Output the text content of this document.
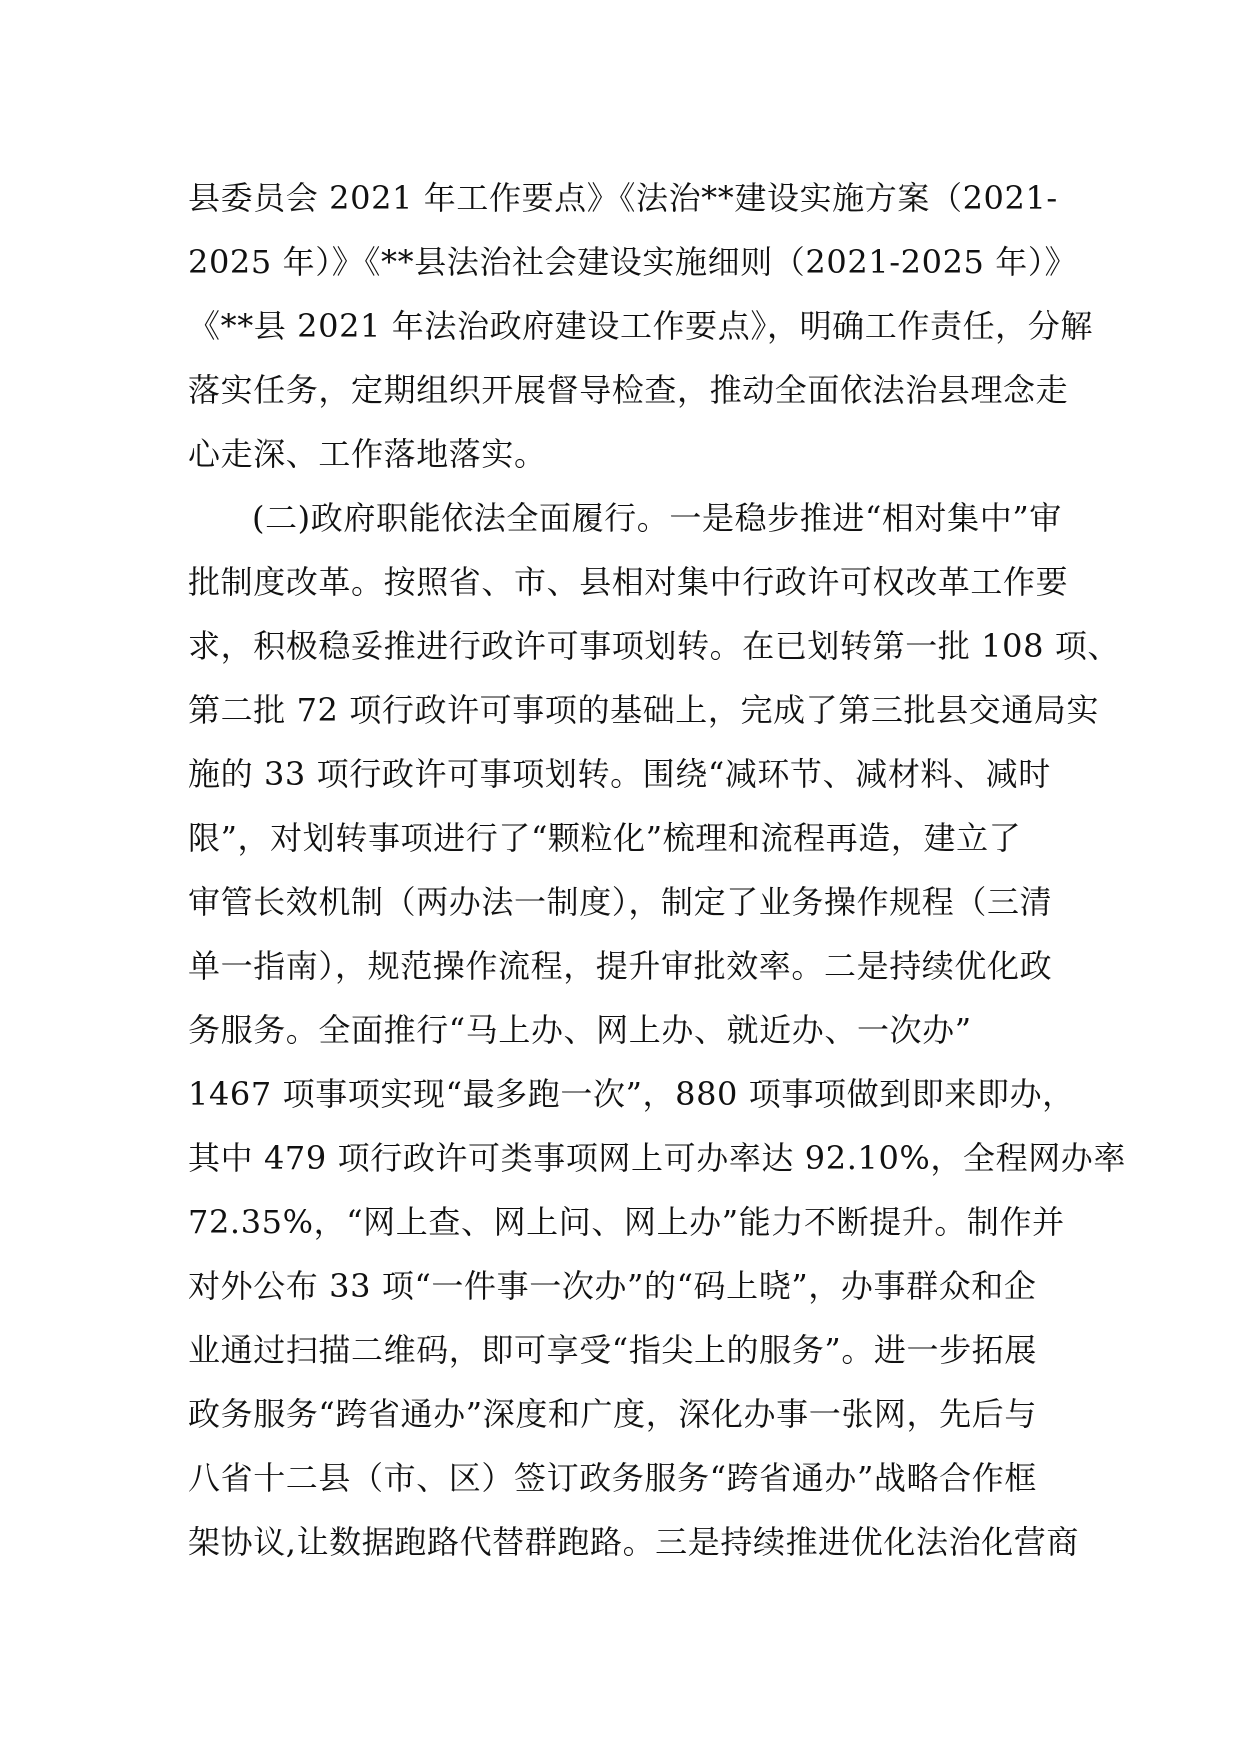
县委员会 2021 年工作要点》《法治**建设实施方案（2021-
2025 年）》《**县法治社会建设实施细则（2021-2025 年）》
《**县 2021 年法治政府建设工作要点》，明确工作责任，分解
落实任务，定期组织开展督导检查，推动全面依法治县理念走
心走深、工作落地落实。
(二)政府职能依法全面履行。一是稳步推进“相对集中”审
批制度改革。按照省、市、县相对集中行政许可权改革工作要
求，积极稳妥推进行政许可事项划转。在已划转第一批 108 项、
第二批 72 项行政许可事项的基础上，完成了第三批县交通局实
施的 33 项行政许可事项划转。围绕“减环节、减材料、减时
限”，对划转事项进行了“颗粒化”梳理和流程再造，建立了
审管长效机制（两办法一制度），制定了业务操作规程（三清
单一指南），规范操作流程，提升审批效率。二是持续优化政
务服务。全面推行“马上办、网上办、就近办、一次办”
1467 项事项实现“最多跑一次”，880 项事项做到即来即办，
其中 479 项行政许可类事项网上可办率达 92.10%，全程网办率
72.35%，“网上查、网上问、网上办”能力不断提升。制作并
对外公布 33 项“一件事一次办”的“码上晓”，办事群众和企
业通过扫描二维码，即可享受“指尖上的服务”。进一步拓展
政务服务“跨省通办”深度和广度，深化办事一张网，先后与
八省十二县（市、区）签订政务服务“跨省通办”战略合作框
架协议,让数据跑路代替群跑路。三是持续推进优化法治化营商
